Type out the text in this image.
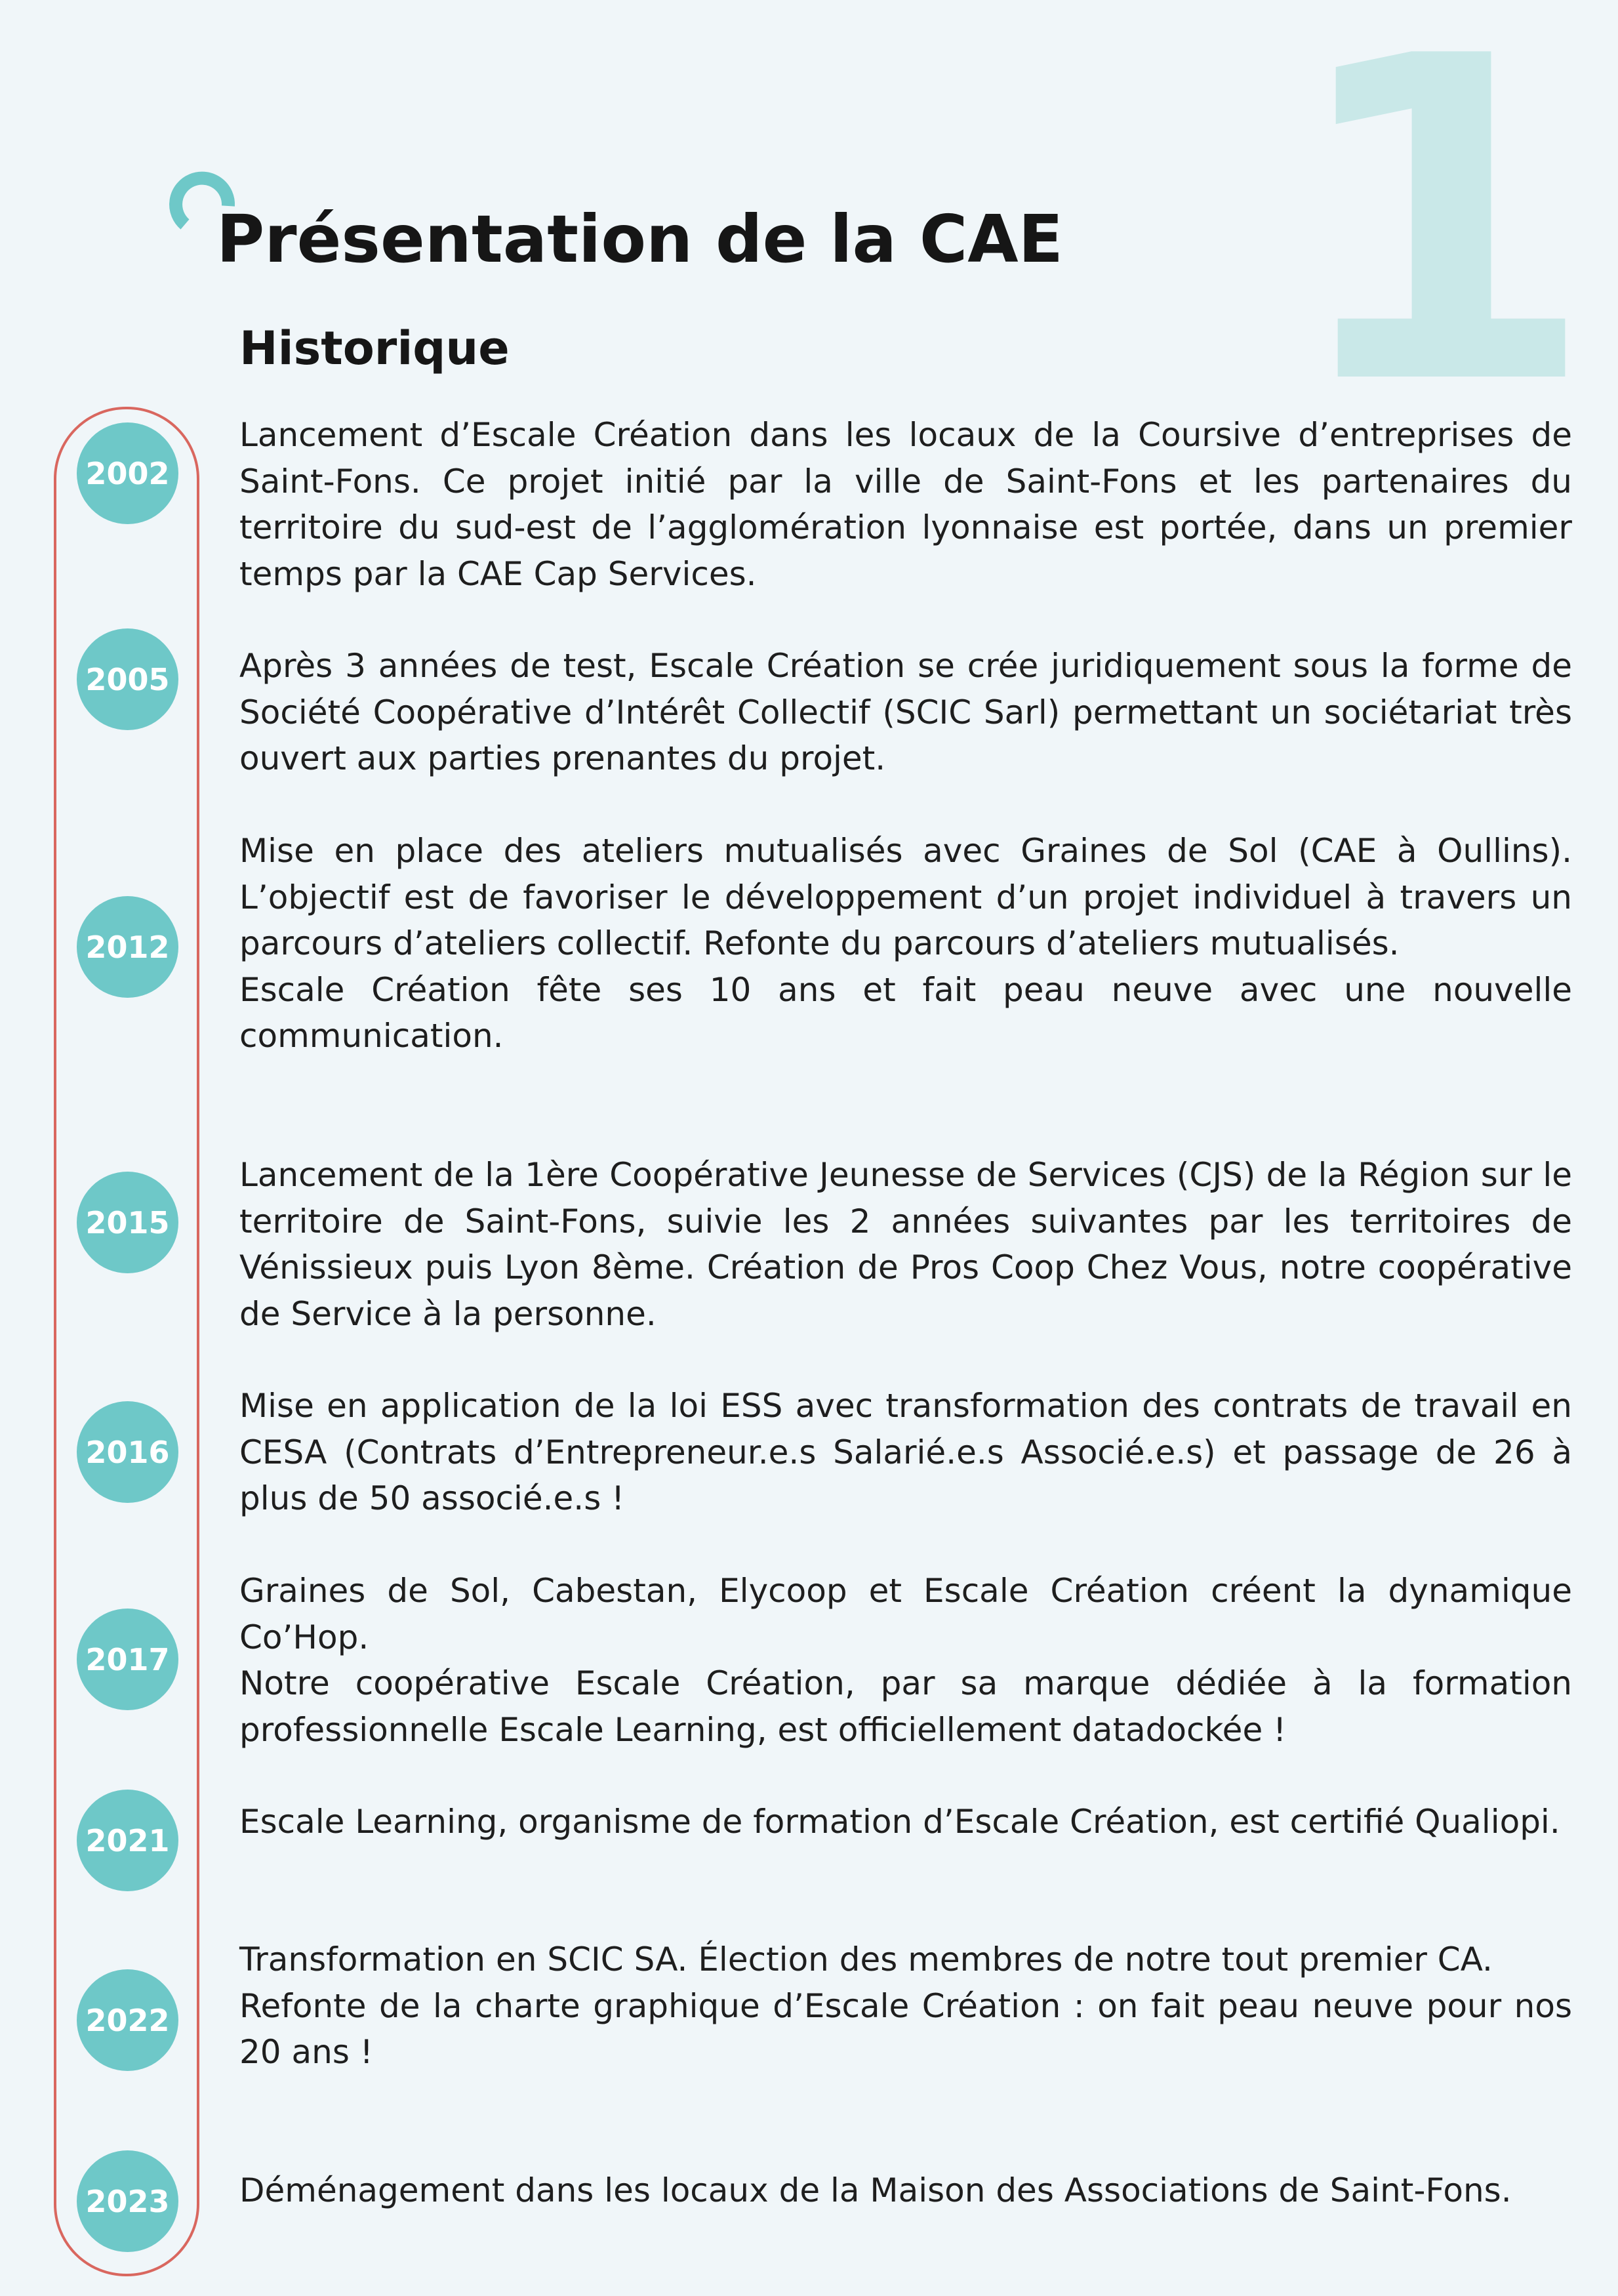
1
Présentation de la CAE
Historique
2002
2005
2012
2015
2016
2017
2021
2022
2023

Lancement d’Escale Création dans les locaux de la Coursive d’entreprises de Saint-Fons. Ce projet initié par la ville de Saint-Fons et les partenaires du territoire du sud-est de l’agglomération lyonnaise est portée, dans un premier temps par la CAE Cap Services.

Après 3 années de test, Escale Création se crée juridiquement sous la forme de Société Coopérative d’Intérêt Collectif (SCIC Sarl) permettant un sociétariat très ouvert aux parties prenantes du projet.

Mise en place des ateliers mutualisés avec Graines de Sol (CAE à Oullins). L’objectif est de favoriser le développement d’un projet individuel à travers un parcours d’ateliers collectif. Refonte du parcours d’ateliers mutualisés.

Escale Création fête ses 10 ans et fait peau neuve avec une nouvelle communication.

Lancement de la 1ère Coopérative Jeunesse de Services (CJS) de la Région sur le territoire de Saint-Fons, suivie les 2 années suivantes par les territoires de Vénissieux puis Lyon 8ème. Création de Pros Coop Chez Vous, notre coopérative de Service à la personne.

Mise en application de la loi ESS avec transformation des contrats de travail en CESA (Contrats d’Entrepreneur.e.s Salarié.e.s Associé.e.s) et passage de 26 à plus de 50 associé.e.s !

Graines de Sol, Cabestan, Elycoop et Escale Création créent la dynamique Co’Hop.

Notre coopérative Escale Création, par sa marque dédiée à la formation professionnelle Escale Learning, est officiellement datadockée !

Escale Learning, organisme de formation d’Escale Création, est certifié Qualiopi.

Transformation en SCIC SA. Élection des membres de notre tout premier CA.

Refonte de la charte graphique d’Escale Création : on fait peau neuve pour nos 20 ans !

Déménagement dans les locaux de la Maison des Associations de Saint-Fons.
